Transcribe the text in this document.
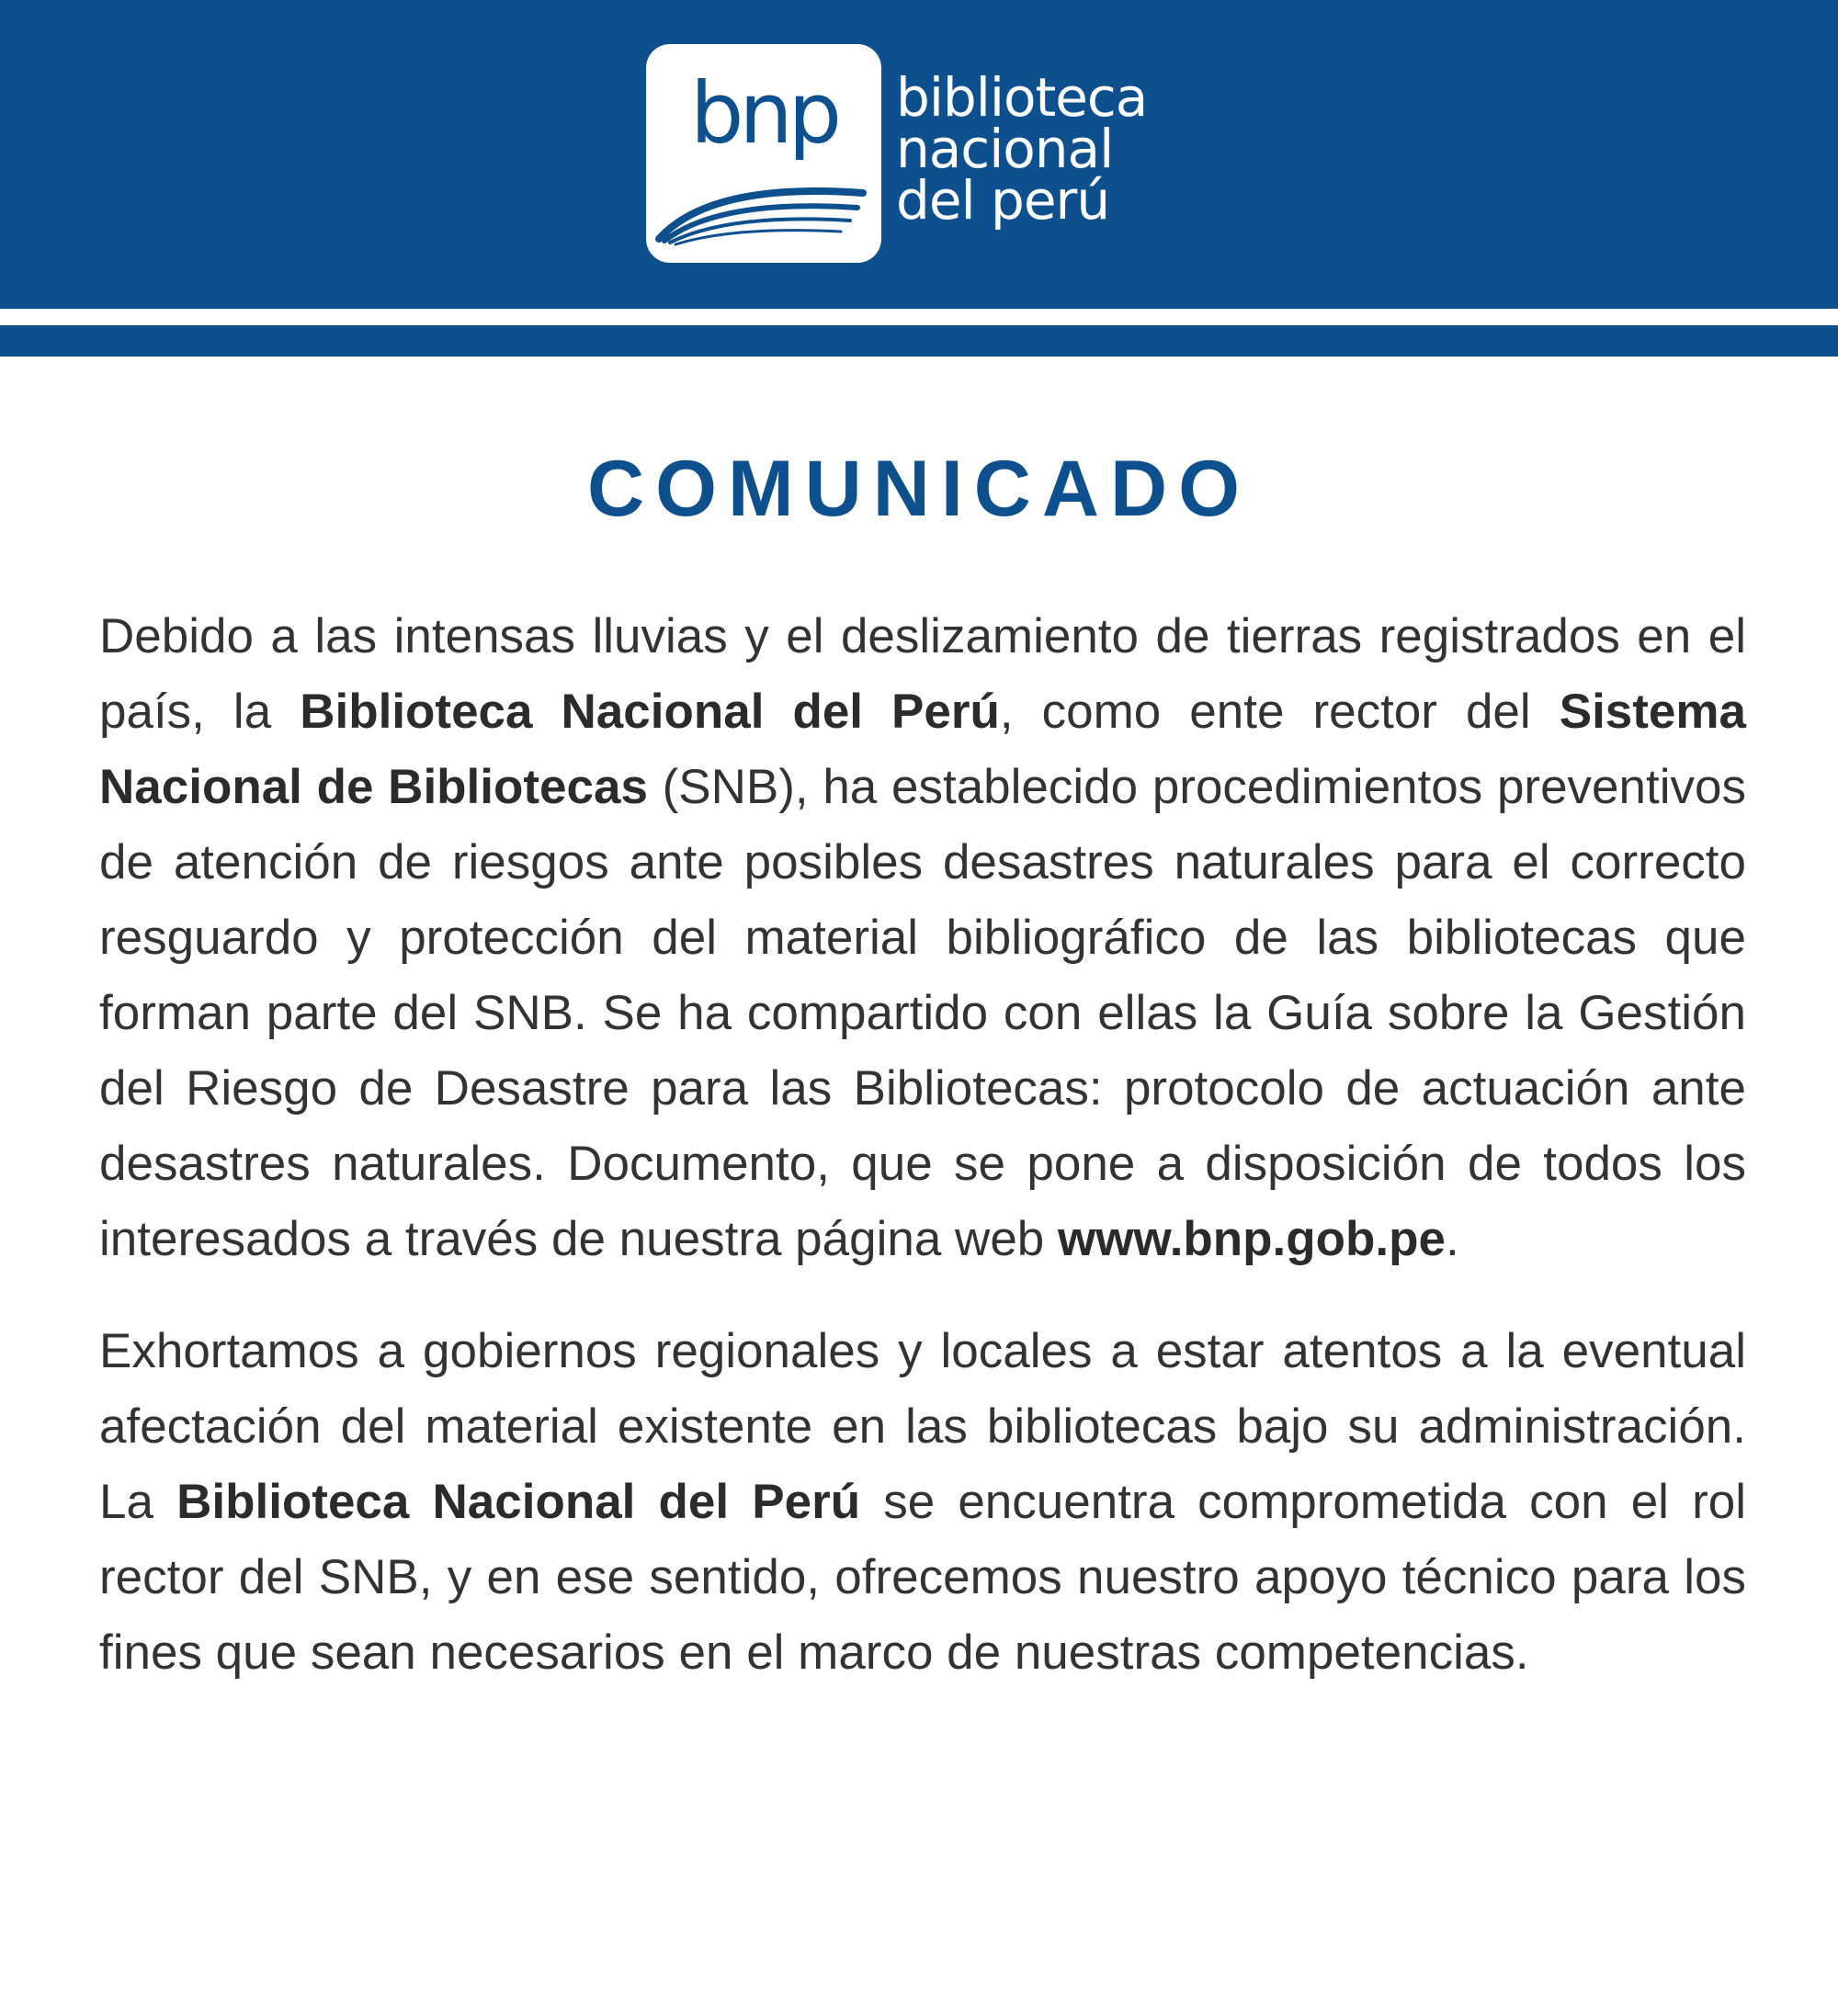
bnp	biblioteca
nacional
del perú
COMUNICADO

Debido a las intensas lluvias y el deslizamiento de tierras registrados en el país, la Biblioteca Nacional del Perú, como ente rector del Sistema Nacional de Bibliotecas (SNB), ha establecido procedimientos preventivos de atención de riesgos ante posibles desastres naturales para el correcto resguardo y protección del material bibliográfico de las bibliotecas que forman parte del SNB. Se ha compartido con ellas la Guía sobre la Gestión del Riesgo de Desastre para las Bibliotecas: protocolo de actuación ante desastres naturales. Documento, que se pone a disposición de todos los interesados a través de nuestra página web www.bnp.gob.pe.

Exhortamos a gobiernos regionales y locales a estar atentos a la eventual afectación del material existente en las bibliotecas bajo su administración. La Biblioteca Nacional del Perú se encuentra comprometida con el rol rector del SNB, y en ese sentido, ofrecemos nuestro apoyo técnico para los fines que sean necesarios en el marco de nuestras competencias.
